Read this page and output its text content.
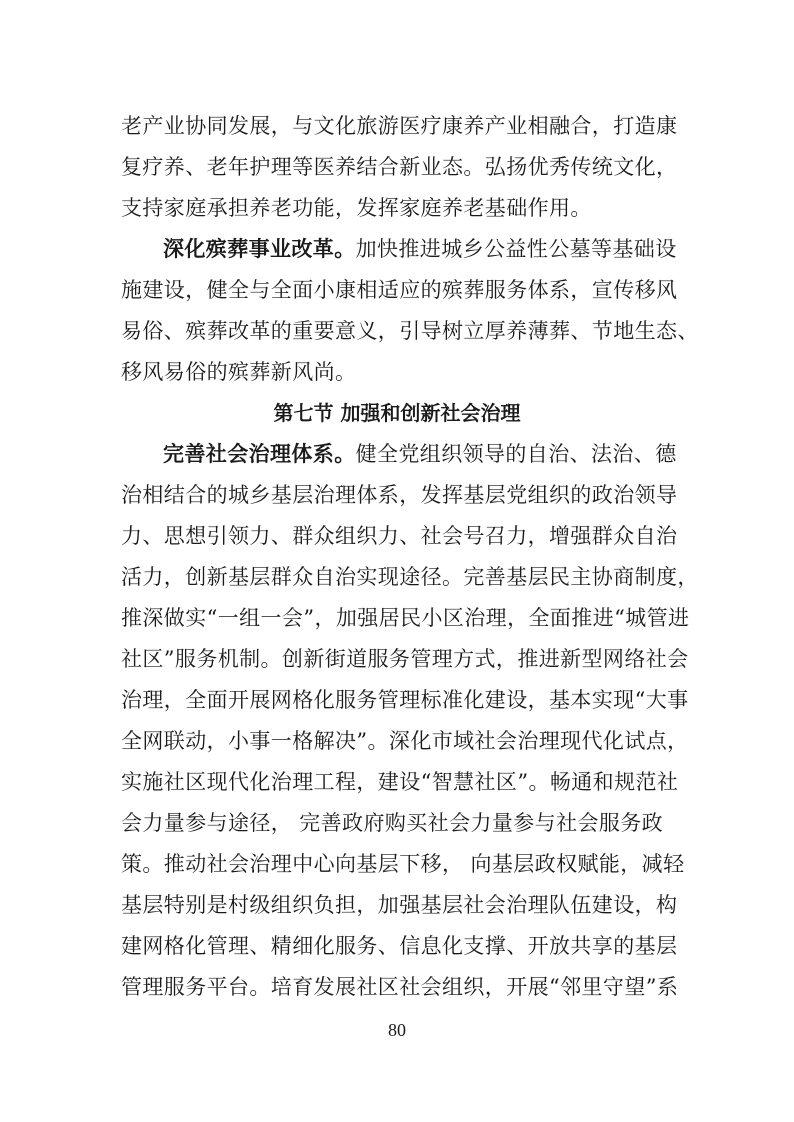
老产业协同发展，与文化旅游医疗康养产业相融合，打造康
复疗养、老年护理等医养结合新业态。弘扬优秀传统文化，
支持家庭承担养老功能，发挥家庭养老基础作用。
深化殡葬事业改革。加快推进城乡公益性公墓等基础设
施建设，健全与全面小康相适应的殡葬服务体系，宣传移风
易俗、殡葬改革的重要意义，引导树立厚养薄葬、节地生态、
移风易俗的殡葬新风尚。
第七节 加强和创新社会治理
完善社会治理体系。健全党组织领导的自治、法治、德
治相结合的城乡基层治理体系，发挥基层党组织的政治领导
力、思想引领力、群众组织力、社会号召力，增强群众自治
活力，创新基层群众自治实现途径。完善基层民主协商制度，
推深做实“一组一会”，加强居民小区治理，全面推进“城管进
社区”服务机制。创新街道服务管理方式，推进新型网络社会
治理，全面开展网格化服务管理标准化建设，基本实现“大事
全网联动，小事一格解决”。深化市域社会治理现代化试点，
实施社区现代化治理工程，建设“智慧社区”。畅通和规范社
会力量参与途径， 完善政府购买社会力量参与社会服务政
策。推动社会治理中心向基层下移， 向基层政权赋能，减轻
基层特别是村级组织负担，加强基层社会治理队伍建设，构
建网格化管理、精细化服务、信息化支撑、开放共享的基层
管理服务平台。培育发展社区社会组织，开展“邻里守望”系
80
